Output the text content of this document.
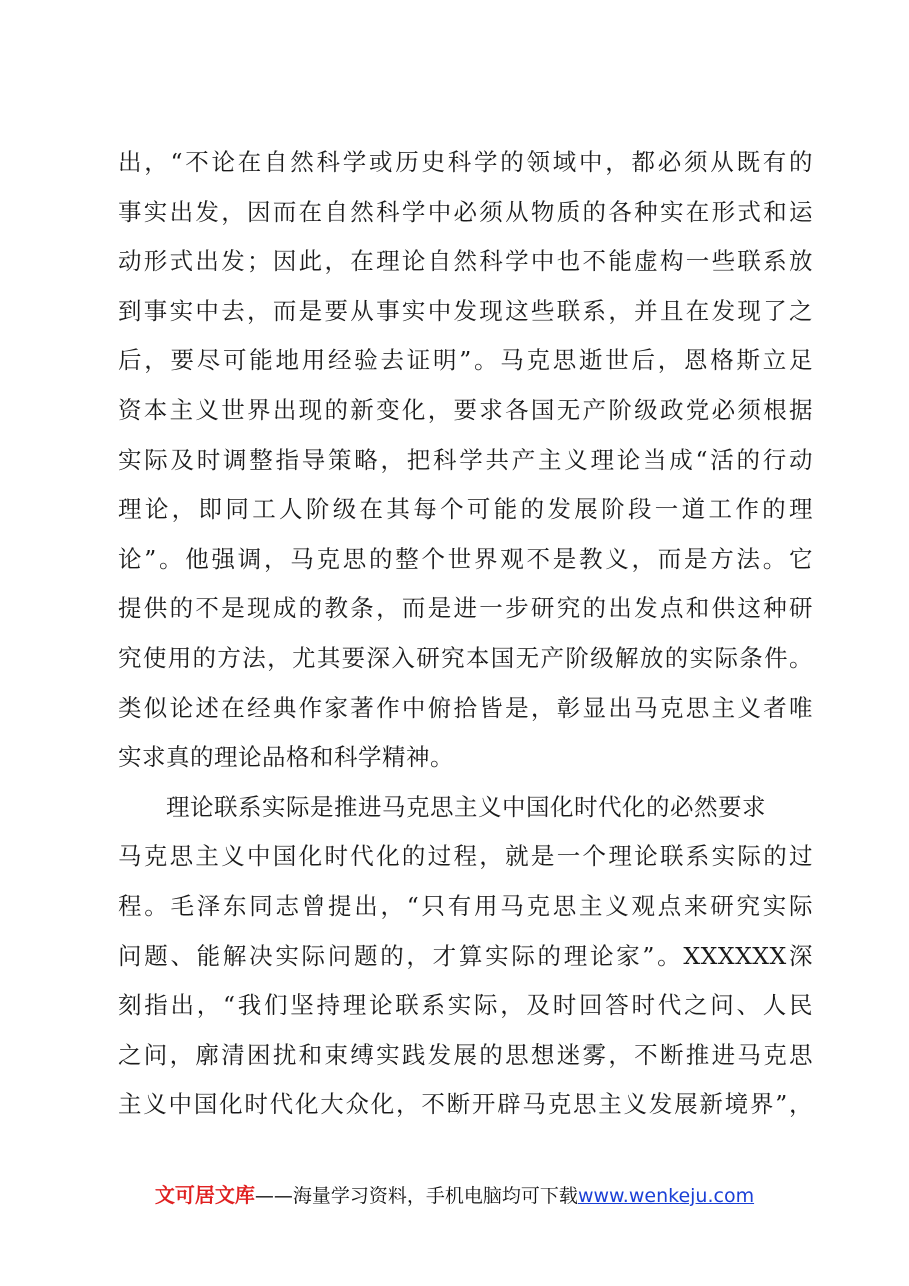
出，“不论在自然科学或历史科学的领域中，都必须从既有的
事实出发，因而在自然科学中必须从物质的各种实在形式和运
动形式出发；因此，在理论自然科学中也不能虚构一些联系放
到事实中去，而是要从事实中发现这些联系，并且在发现了之
后，要尽可能地用经验去证明”。马克思逝世后，恩格斯立足
资本主义世界出现的新变化，要求各国无产阶级政党必须根据
实际及时调整指导策略，把科学共产主义理论当成“活的行动
理论，即同工人阶级在其每个可能的发展阶段一道工作的理
论”。他强调，马克思的整个世界观不是教义，而是方法。它
提供的不是现成的教条，而是进一步研究的出发点和供这种研
究使用的方法，尤其要深入研究本国无产阶级解放的实际条件。
类似论述在经典作家著作中俯拾皆是，彰显出马克思主义者唯
实求真的理论品格和科学精神。
　　理论联系实际是推进马克思主义中国化时代化的必然要求
马克思主义中国化时代化的过程，就是一个理论联系实际的过
程。毛泽东同志曾提出，“只有用马克思主义观点来研究实际
问题、能解决实际问题的，才算实际的理论家”。XXXXXX深
刻指出，“我们坚持理论联系实际，及时回答时代之问、人民
之问，廓清困扰和束缚实践发展的思想迷雾，不断推进马克思
主义中国化时代化大众化，不断开辟马克思主义发展新境界”，
文可居文库——海量学习资料，手机电脑均可下载www.wenkeju.com
